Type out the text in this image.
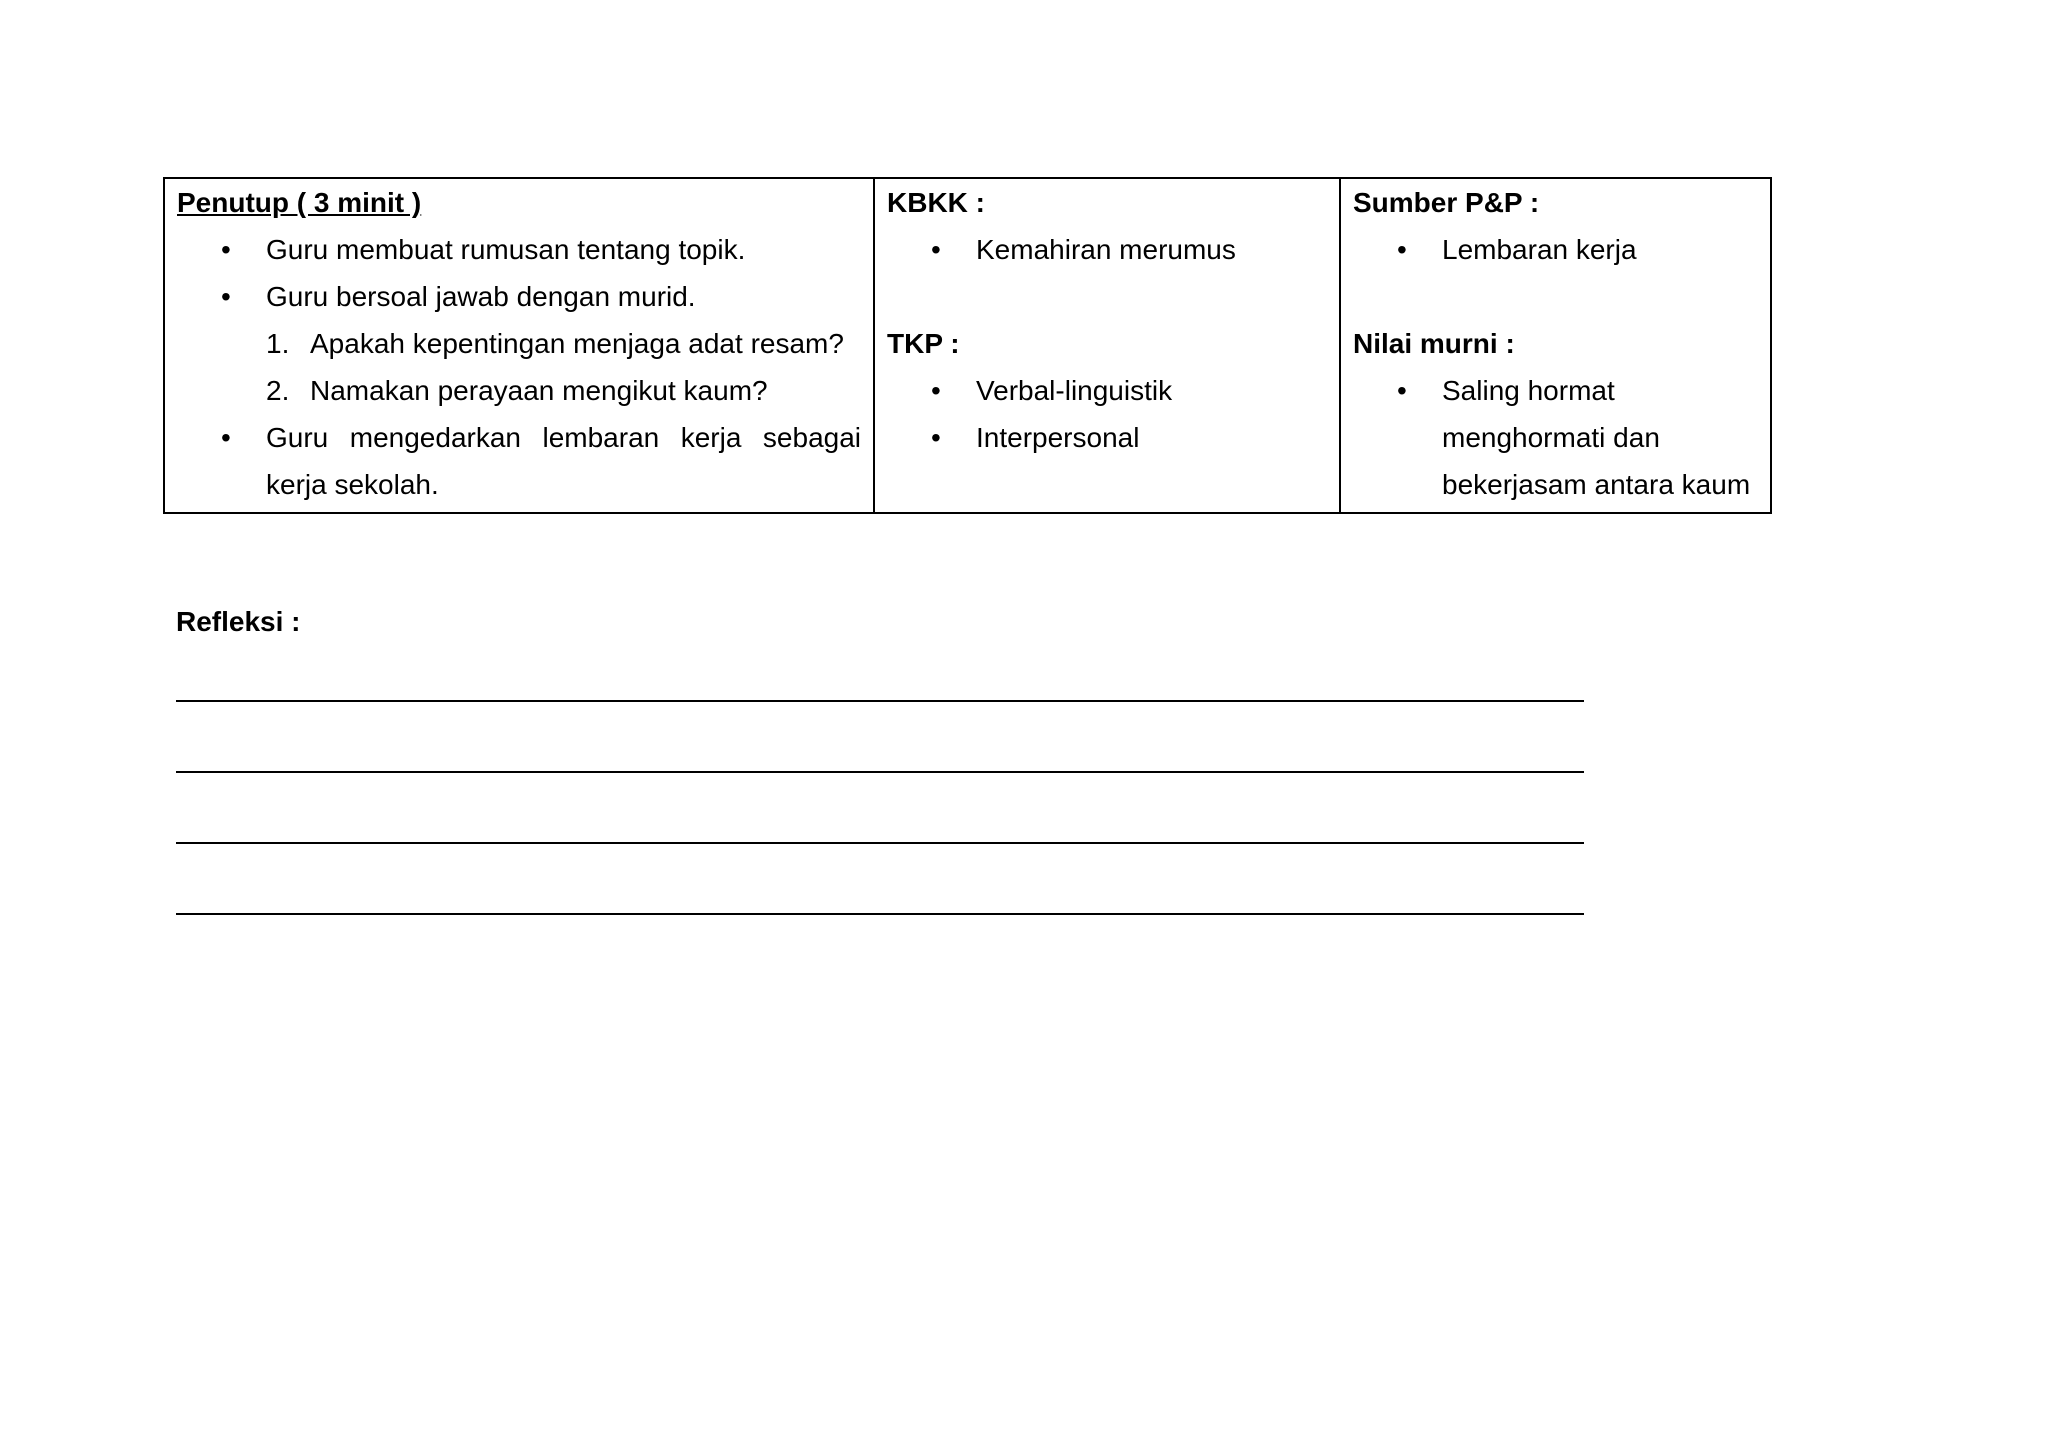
Penutup ( 3 minit )
• Guru membuat rumusan tentang topik.
• Guru bersoal jawab dengan murid.
1. Apakah kepentingan menjaga adat resam?
2. Namakan perayaan mengikut kaum?
• Guru mengedarkan lembaran kerja sebagai kerja sekolah.

KBKK :
• Kemahiran merumus
TKP :
• Verbal-linguistik
• Interpersonal

Sumber P&P :
• Lembaran kerja
Nilai murni :
• Saling hormat menghormati dan bekerjasam antara kaum
Refleksi :
